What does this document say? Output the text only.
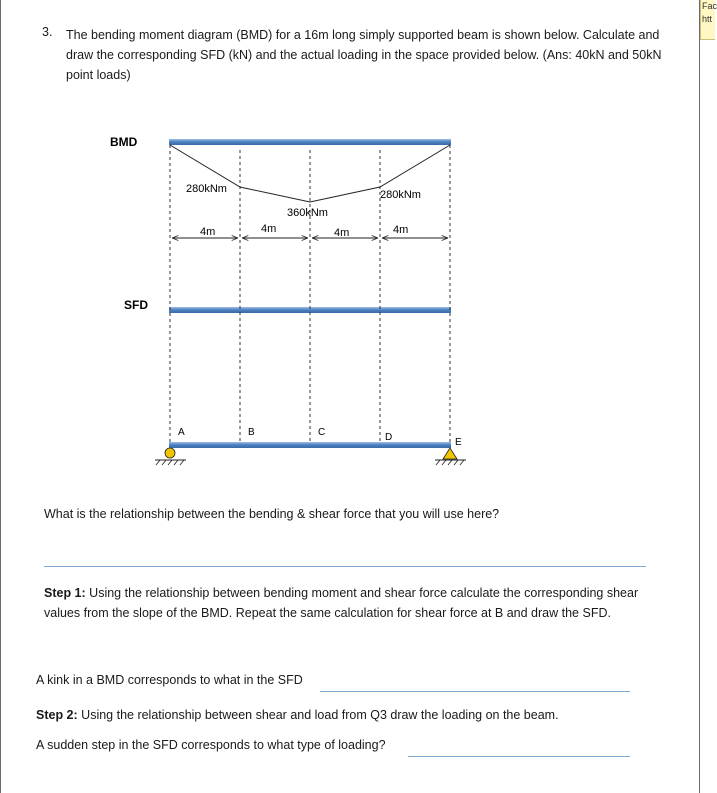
Fac
htt
3. The bending moment diagram (BMD) for a 16m long simply supported beam is shown below. Calculate and draw the corresponding SFD (kN) and the actual loading in the space provided below. (Ans: 40kN and 50kN point loads)
BMD
SFD
280kNm
360kNm
280kNm
4m	4m	4m	4m
A	B	C	D	E
What is the relationship between the bending & shear force that you will use here?
Step 1: Using the relationship between bending moment and shear force calculate the corresponding shear values from the slope of the BMD. Repeat the same calculation for shear force at B and draw the SFD.
A kink in a BMD corresponds to what in the SFD
Step 2: Using the relationship between shear and load from Q3 draw the loading on the beam.
A sudden step in the SFD corresponds to what type of loading?
